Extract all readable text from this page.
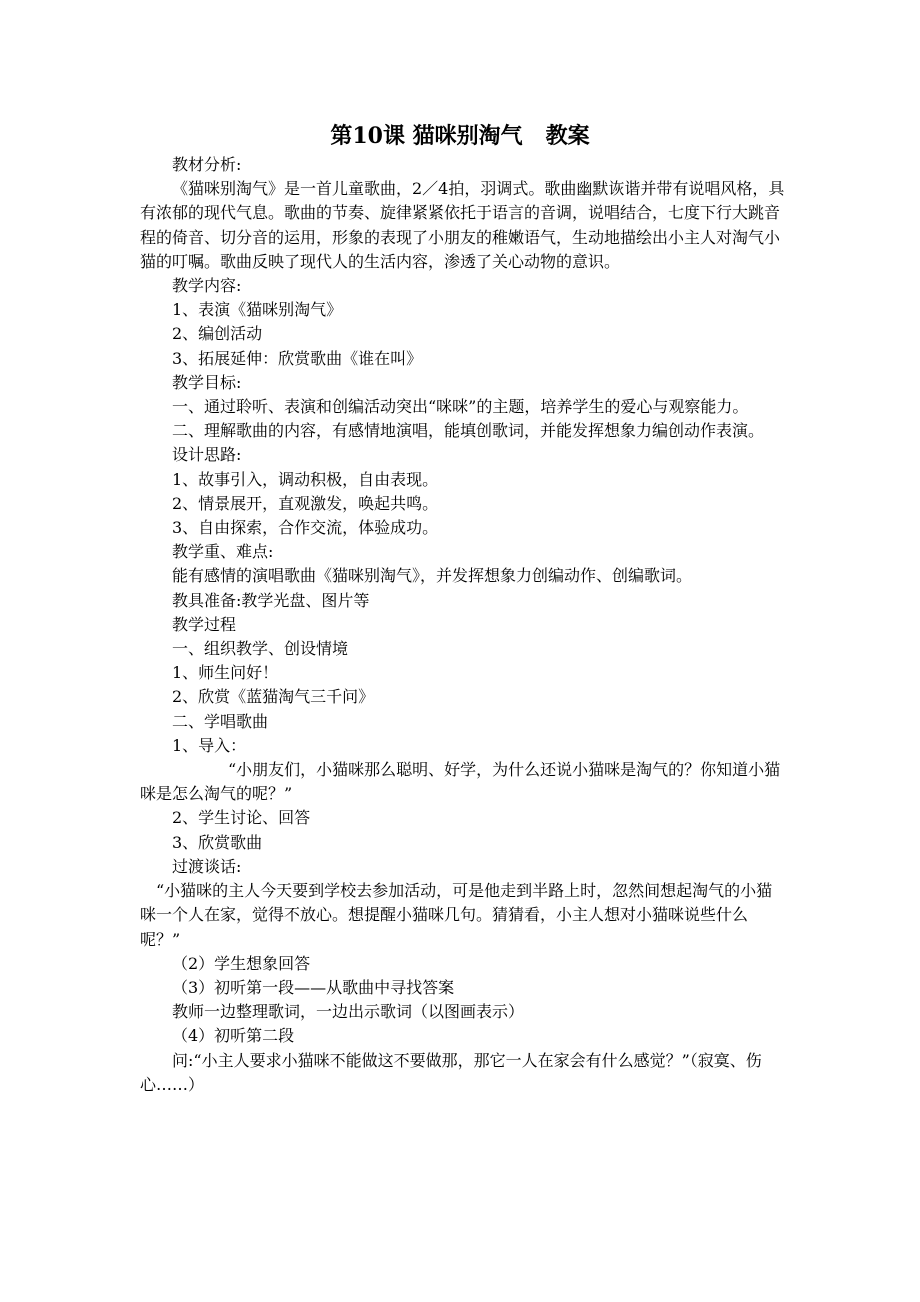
第10课 猫咪别淘气   教案

教材分析:

《猫咪别淘气》是一首儿童歌曲，2／4拍，羽调式。歌曲幽默诙谐并带有说唱风格，具有浓郁的现代气息。歌曲的节奏、旋律紧紧依托于语言的音调，说唱结合，七度下行大跳音程的倚音、切分音的运用，形象的表现了小朋友的稚嫩语气，生动地描绘出小主人对淘气小猫的叮嘱。歌曲反映了现代人的生活内容，渗透了关心动物的意识。

教学内容:

1、表演《猫咪别淘气》

2、编创活动

3、拓展延伸：欣赏歌曲《谁在叫》

教学目标:

一、通过聆听、表演和创编活动突出“咪咪”的主题，培养学生的爱心与观察能力。

二、理解歌曲的内容，有感情地演唱，能填创歌词，并能发挥想象力编创动作表演。

设计思路:

1、故事引入，调动积极，自由表现。

2、情景展开，直观激发，唤起共鸣。

3、自由探索，合作交流，体验成功。

教学重、难点:

能有感情的演唱歌曲《猫咪别淘气》，并发挥想象力创编动作、创编歌词。

教具准备:教学光盘、图片等

教学过程

一、组织教学、创设情境

1、师生问好！

2、欣赏《蓝猫淘气三千问》

二、学唱歌曲

1、导入：

“小朋友们，小猫咪那么聪明、好学，为什么还说小猫咪是淘气的？你知道小猫咪是怎么淘气的呢？”

2、学生讨论、回答

3、欣赏歌曲

过渡谈话:

“小猫咪的主人今天要到学校去参加活动，可是他走到半路上时，忽然间想起淘气的小猫咪一个人在家，觉得不放心。想提醒小猫咪几句。猜猜看，小主人想对小猫咪说些什么呢？”

（2）学生想象回答

（3）初听第一段——从歌曲中寻找答案

教师一边整理歌词，一边出示歌词（以图画表示）

（4）初听第二段

问:“小主人要求小猫咪不能做这不要做那，那它一人在家会有什么感觉？”（寂寞、伤心……）
